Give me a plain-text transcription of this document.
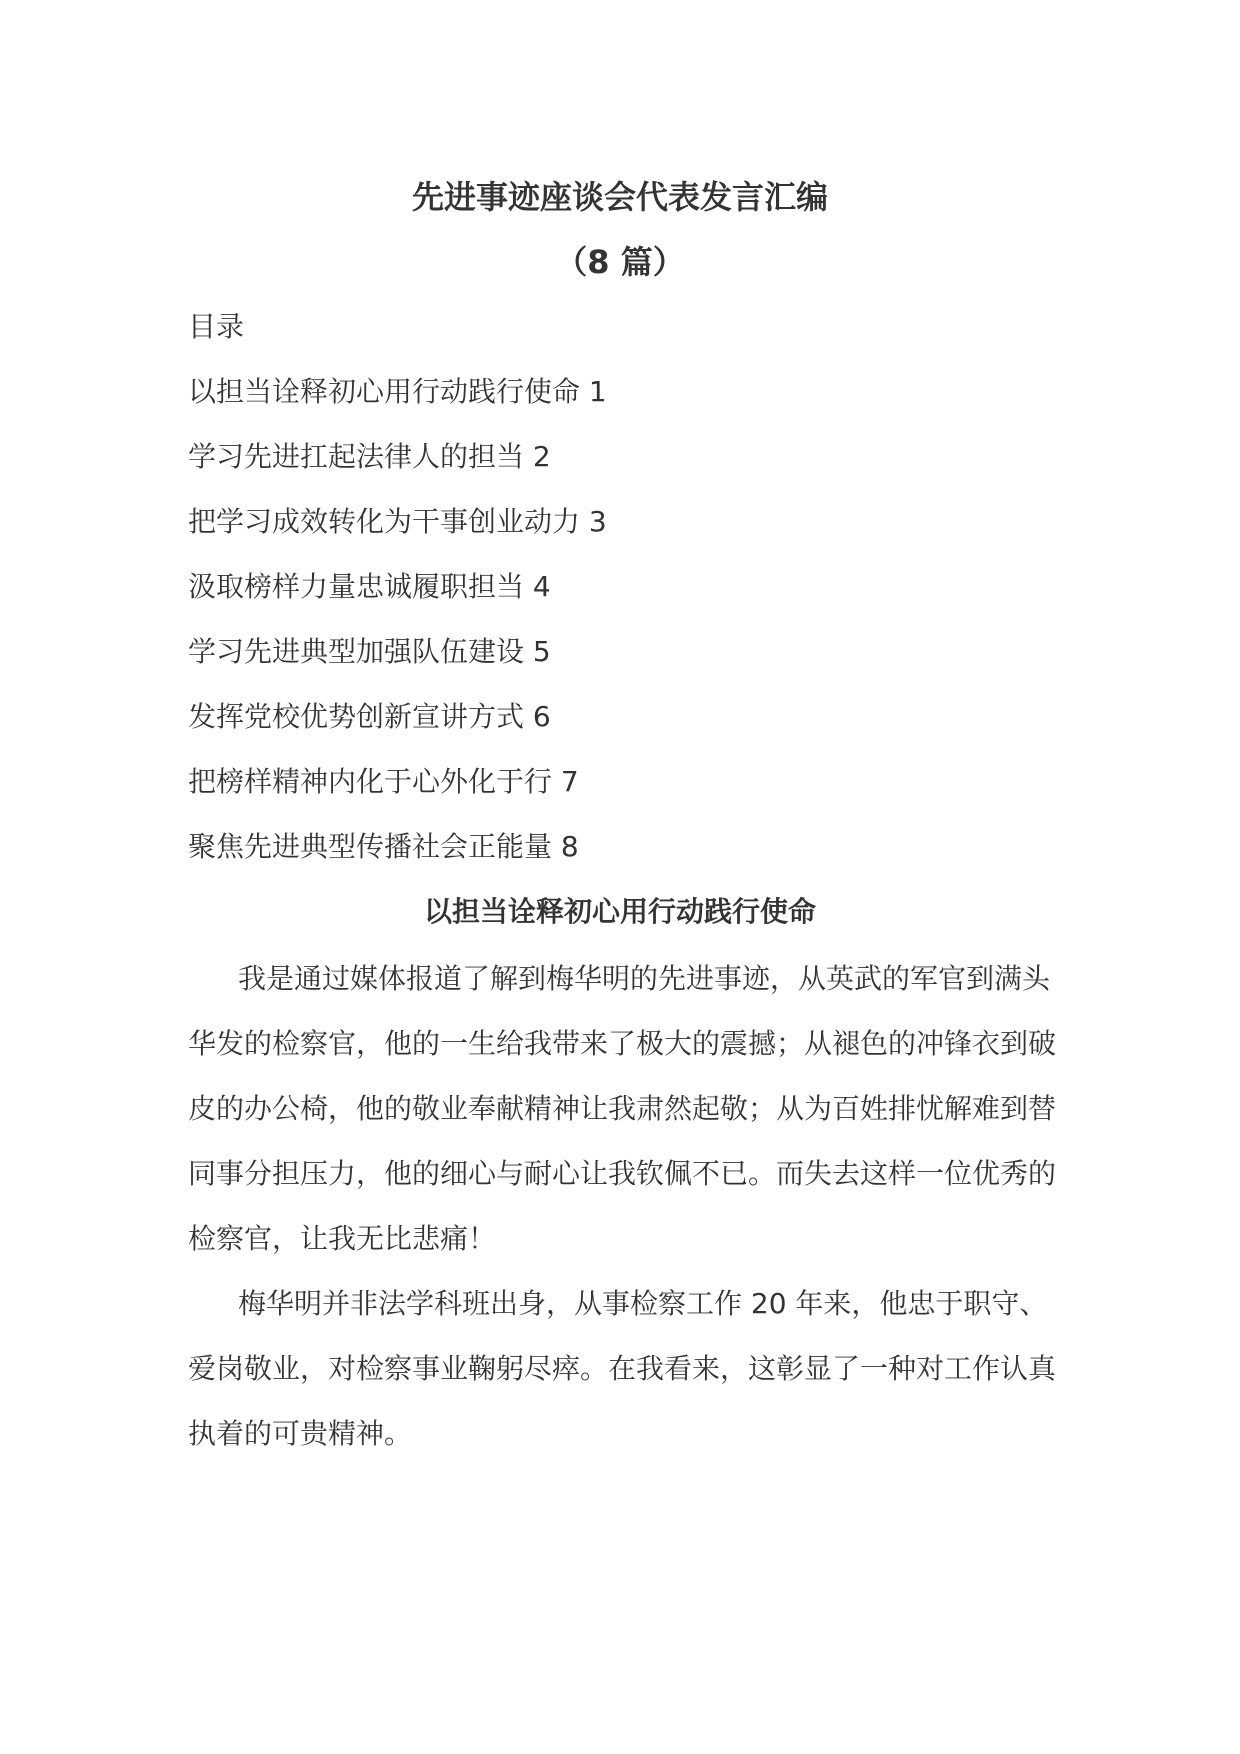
先进事迹座谈会代表发言汇编
（8 篇）
目录
以担当诠释初心用行动践行使命 1
学习先进扛起法律人的担当 2
把学习成效转化为干事创业动力 3
汲取榜样力量忠诚履职担当 4
学习先进典型加强队伍建设 5
发挥党校优势创新宣讲方式 6
把榜样精神内化于心外化于行 7
聚焦先进典型传播社会正能量 8
以担当诠释初心用行动践行使命

我是通过媒体报道了解到梅华明的先进事迹，从英武的军官到满头华发的检察官，他的一生给我带来了极大的震撼；从褪色的冲锋衣到破皮的办公椅，他的敬业奉献精神让我肃然起敬；从为百姓排忧解难到替同事分担压力，他的细心与耐心让我钦佩不已。而失去这样一位优秀的检察官，让我无比悲痛！

梅华明并非法学科班出身，从事检察工作 20 年来，他忠于职守、爱岗敬业，对检察事业鞠躬尽瘁。在我看来，这彰显了一种对工作认真执着的可贵精神。
